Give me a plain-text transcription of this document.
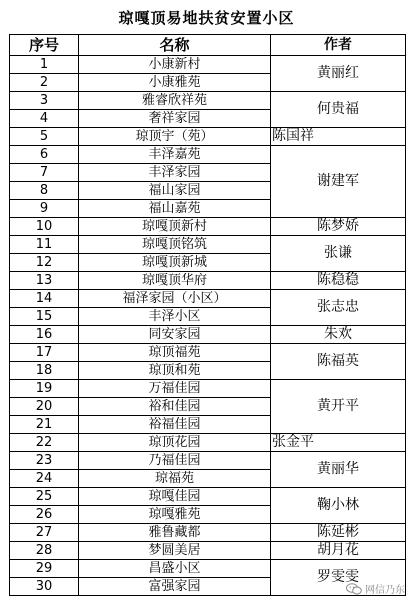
琼嘎顶易地扶贫安置小区
序号	名称	作者
1	小康新村	黄丽红
2	小康雅苑	
3	雅睿欣祥苑	何贵福
4	奢祥家园	
5	琼顶宇（苑）	陈国祥
6	丰泽嘉苑	谢建军
7	丰泽家园	
8	福山家园	
9	福山嘉苑	
10	琼嘎顶新村	陈梦娇
11	琼嘎顶铭筑	张谦
12	琼嘎顶新城	
13	琼嘎顶华府	陈稳稳
14	福泽家园（小区）	张志忠
15	丰泽小区	
16	同安家园	朱欢
17	琼顶福苑	陈福英
18	琼顶和苑	
19	万福佳园	黄开平
20	裕和佳园	
21	裕福佳园	
22	琼顶花园	张金平
23	乃福佳园	黄丽华
24	琼福苑	
25	琼嘎佳园	鞠小林
26	琼嘎雅苑	
27	雅鲁藏都	陈延彬
28	梦圆美居	胡月花
29	昌盛小区	罗雯雯
30	富强家园		网信乃东
